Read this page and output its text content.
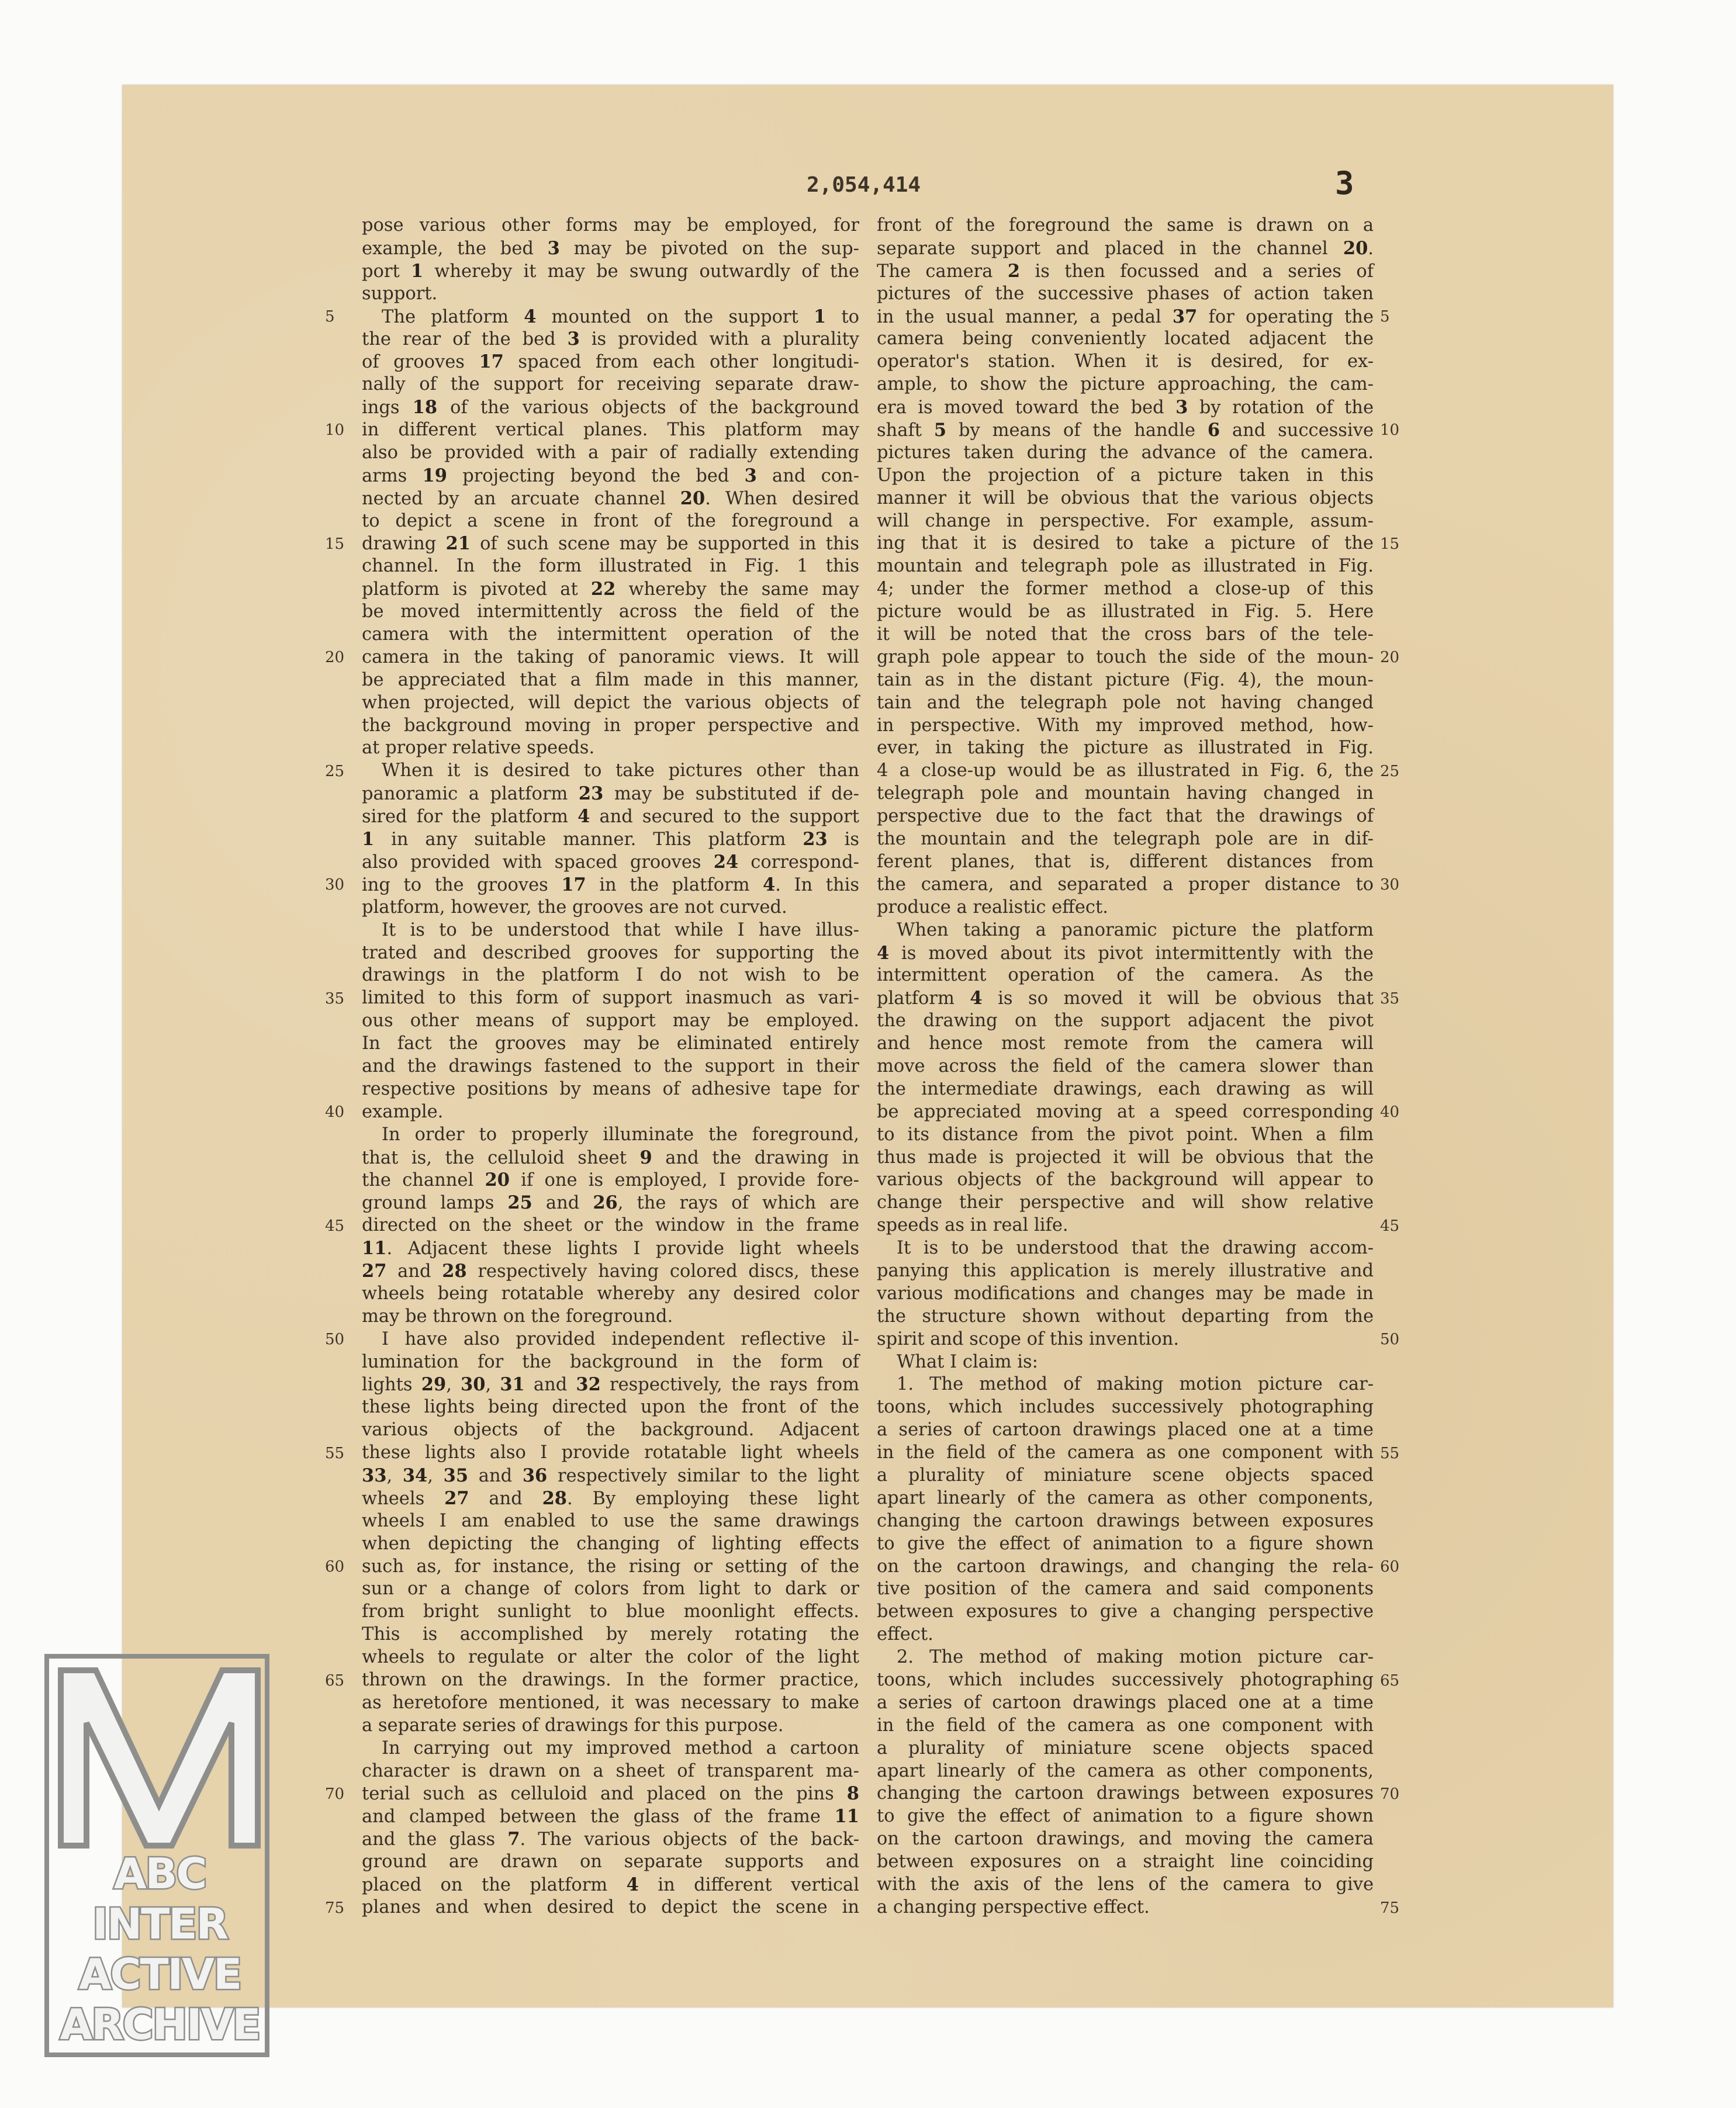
2,054,414	3
pose various other forms may be employed, for
example, the bed 3 may be pivoted on the sup-
port 1 whereby it may be swung outwardly of the
support.
The platform 4 mounted on the support 1 to
the rear of the bed 3 is provided with a plurality
of grooves 17 spaced from each other longitudi-
nally of the support for receiving separate draw-
ings 18 of the various objects of the background
in different vertical planes. This platform may
also be provided with a pair of radially extending
arms 19 projecting beyond the bed 3 and con-
nected by an arcuate channel 20. When desired
to depict a scene in front of the foreground a
drawing 21 of such scene may be supported in this
channel. In the form illustrated in Fig. 1 this
platform is pivoted at 22 whereby the same may
be moved intermittently across the field of the
camera with the intermittent operation of the
camera in the taking of panoramic views. It will
be appreciated that a film made in this manner,
when projected, will depict the various objects of
the background moving in proper perspective and
at proper relative speeds.
When it is desired to take pictures other than
panoramic a platform 23 may be substituted if de-
sired for the platform 4 and secured to the support
1 in any suitable manner. This platform 23 is
also provided with spaced grooves 24 correspond-
ing to the grooves 17 in the platform 4. In this
platform, however, the grooves are not curved.
It is to be understood that while I have illus-
trated and described grooves for supporting the
drawings in the platform I do not wish to be
limited to this form of support inasmuch as vari-
ous other means of support may be employed.
In fact the grooves may be eliminated entirely
and the drawings fastened to the support in their
respective positions by means of adhesive tape for
example.
In order to properly illuminate the foreground,
that is, the celluloid sheet 9 and the drawing in
the channel 20 if one is employed, I provide fore-
ground lamps 25 and 26, the rays of which are
directed on the sheet or the window in the frame
11. Adjacent these lights I provide light wheels
27 and 28 respectively having colored discs, these
wheels being rotatable whereby any desired color
may be thrown on the foreground.
I have also provided independent reflective il-
lumination for the background in the form of
lights 29, 30, 31 and 32 respectively, the rays from
these lights being directed upon the front of the
various objects of the background. Adjacent
these lights also I provide rotatable light wheels
33, 34, 35 and 36 respectively similar to the light
wheels 27 and 28. By employing these light
wheels I am enabled to use the same drawings
when depicting the changing of lighting effects
such as, for instance, the rising or setting of the
sun or a change of colors from light to dark or
from bright sunlight to blue moonlight effects.
This is accomplished by merely rotating the
wheels to regulate or alter the color of the light
thrown on the drawings. In the former practice,
as heretofore mentioned, it was necessary to make
a separate series of drawings for this purpose.
In carrying out my improved method a cartoon
character is drawn on a sheet of transparent ma-
terial such as celluloid and placed on the pins 8
and clamped between the glass of the frame 11
and the glass 7. The various objects of the back-
ground are drawn on separate supports and
placed on the platform 4 in different vertical
planes and when desired to depict the scene in
front of the foreground the same is drawn on a
separate support and placed in the channel 20.
The camera 2 is then focussed and a series of
pictures of the successive phases of action taken
in the usual manner, a pedal 37 for operating the
camera being conveniently located adjacent the
operator's station. When it is desired, for ex-
ample, to show the picture approaching, the cam-
era is moved toward the bed 3 by rotation of the
shaft 5 by means of the handle 6 and successive
pictures taken during the advance of the camera.
Upon the projection of a picture taken in this
manner it will be obvious that the various objects
will change in perspective. For example, assum-
ing that it is desired to take a picture of the
mountain and telegraph pole as illustrated in Fig.
4; under the former method a close-up of this
picture would be as illustrated in Fig. 5. Here
it will be noted that the cross bars of the tele-
graph pole appear to touch the side of the moun-
tain as in the distant picture (Fig. 4), the moun-
tain and the telegraph pole not having changed
in perspective. With my improved method, how-
ever, in taking the picture as illustrated in Fig.
4 a close-up would be as illustrated in Fig. 6, the
telegraph pole and mountain having changed in
perspective due to the fact that the drawings of
the mountain and the telegraph pole are in dif-
ferent planes, that is, different distances from
the camera, and separated a proper distance to
produce a realistic effect.
When taking a panoramic picture the platform
4 is moved about its pivot intermittently with the
intermittent operation of the camera. As the
platform 4 is so moved it will be obvious that
the drawing on the support adjacent the pivot
and hence most remote from the camera will
move across the field of the camera slower than
the intermediate drawings, each drawing as will
be appreciated moving at a speed corresponding
to its distance from the pivot point. When a film
thus made is projected it will be obvious that the
various objects of the background will appear to
change their perspective and will show relative
speeds as in real life.
It is to be understood that the drawing accom-
panying this application is merely illustrative and
various modifications and changes may be made in
the structure shown without departing from the
spirit and scope of this invention.
What I claim is:
1. The method of making motion picture car-
toons, which includes successively photographing
a series of cartoon drawings placed one at a time
in the field of the camera as one component with
a plurality of miniature scene objects spaced
apart linearly of the camera as other components,
changing the cartoon drawings between exposures
to give the effect of animation to a figure shown
on the cartoon drawings, and changing the rela-
tive position of the camera and said components
between exposures to give a changing perspective
effect.
2. The method of making motion picture car-
toons, which includes successively photographing
a series of cartoon drawings placed one at a time
in the field of the camera as one component with
a plurality of miniature scene objects spaced
apart linearly of the camera as other components,
changing the cartoon drawings between exposures
to give the effect of animation to a figure shown
on the cartoon drawings, and moving the camera
between exposures on a straight line coinciding
with the axis of the lens of the camera to give
a changing perspective effect.
5
10
15
20
25
30
35
40
45
50
55
60
65
70
75
5
10
15
20
25
30
35
40
45
50
55
60
65
70
75
ABC
INTER
ACTIVE
ARCHIVE
